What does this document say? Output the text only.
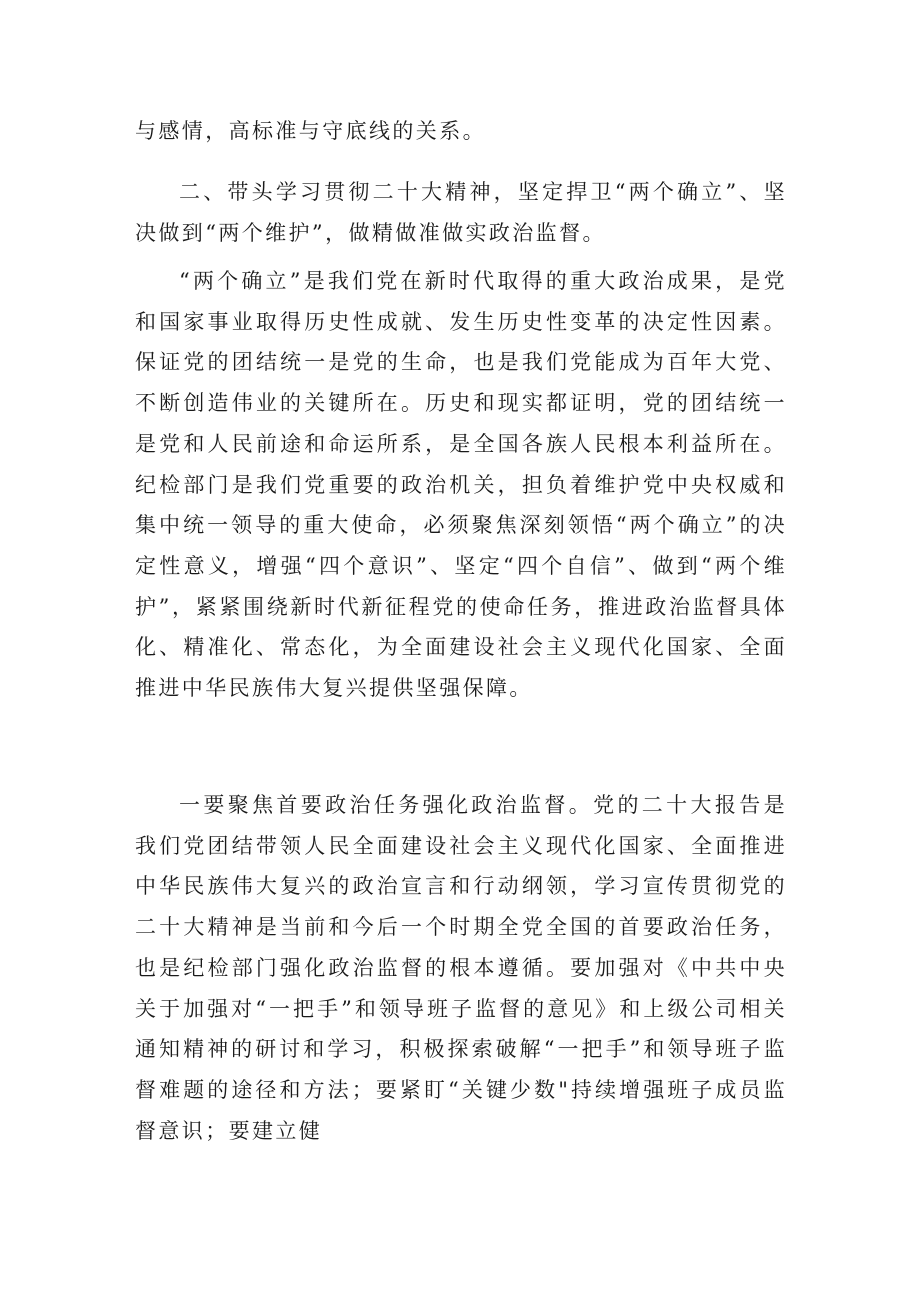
与感情，高标准与守底线的关系。

二、带头学习贯彻二十大精神，坚定捍卫“两个确立”、坚决做到“两个维护”，做精做准做实政治监督。

“两个确立”是我们党在新时代取得的重大政治成果，是党和国家事业取得历史性成就、发生历史性变革的决定性因素。保证党的团结统一是党的生命，也是我们党能成为百年大党、不断创造伟业的关键所在。历史和现实都证明，党的团结统一是党和人民前途和命运所系，是全国各族人民根本利益所在。纪检部门是我们党重要的政治机关，担负着维护党中央权威和集中统一领导的重大使命，必须聚焦深刻领悟“两个确立”的决定性意义，增强“四个意识”、坚定“四个自信”、做到“两个维护”，紧紧围绕新时代新征程党的使命任务，推进政治监督具体化、精准化、常态化，为全面建设社会主义现代化国家、全面推进中华民族伟大复兴提供坚强保障。

一要聚焦首要政治任务强化政治监督。党的二十大报告是我们党团结带领人民全面建设社会主义现代化国家、全面推进中华民族伟大复兴的政治宣言和行动纲领，学习宣传贯彻党的二十大精神是当前和今后一个时期全党全国的首要政治任务，也是纪检部门强化政治监督的根本遵循。要加强对《中共中央关于加强对“一把手”和领导班子监督的意见》和上级公司相关通知精神的研讨和学习，积极探索破解“一把手”和领导班子监督难题的途径和方法；要紧盯“关键少数"持续增强班子成员监督意识；要建立健
